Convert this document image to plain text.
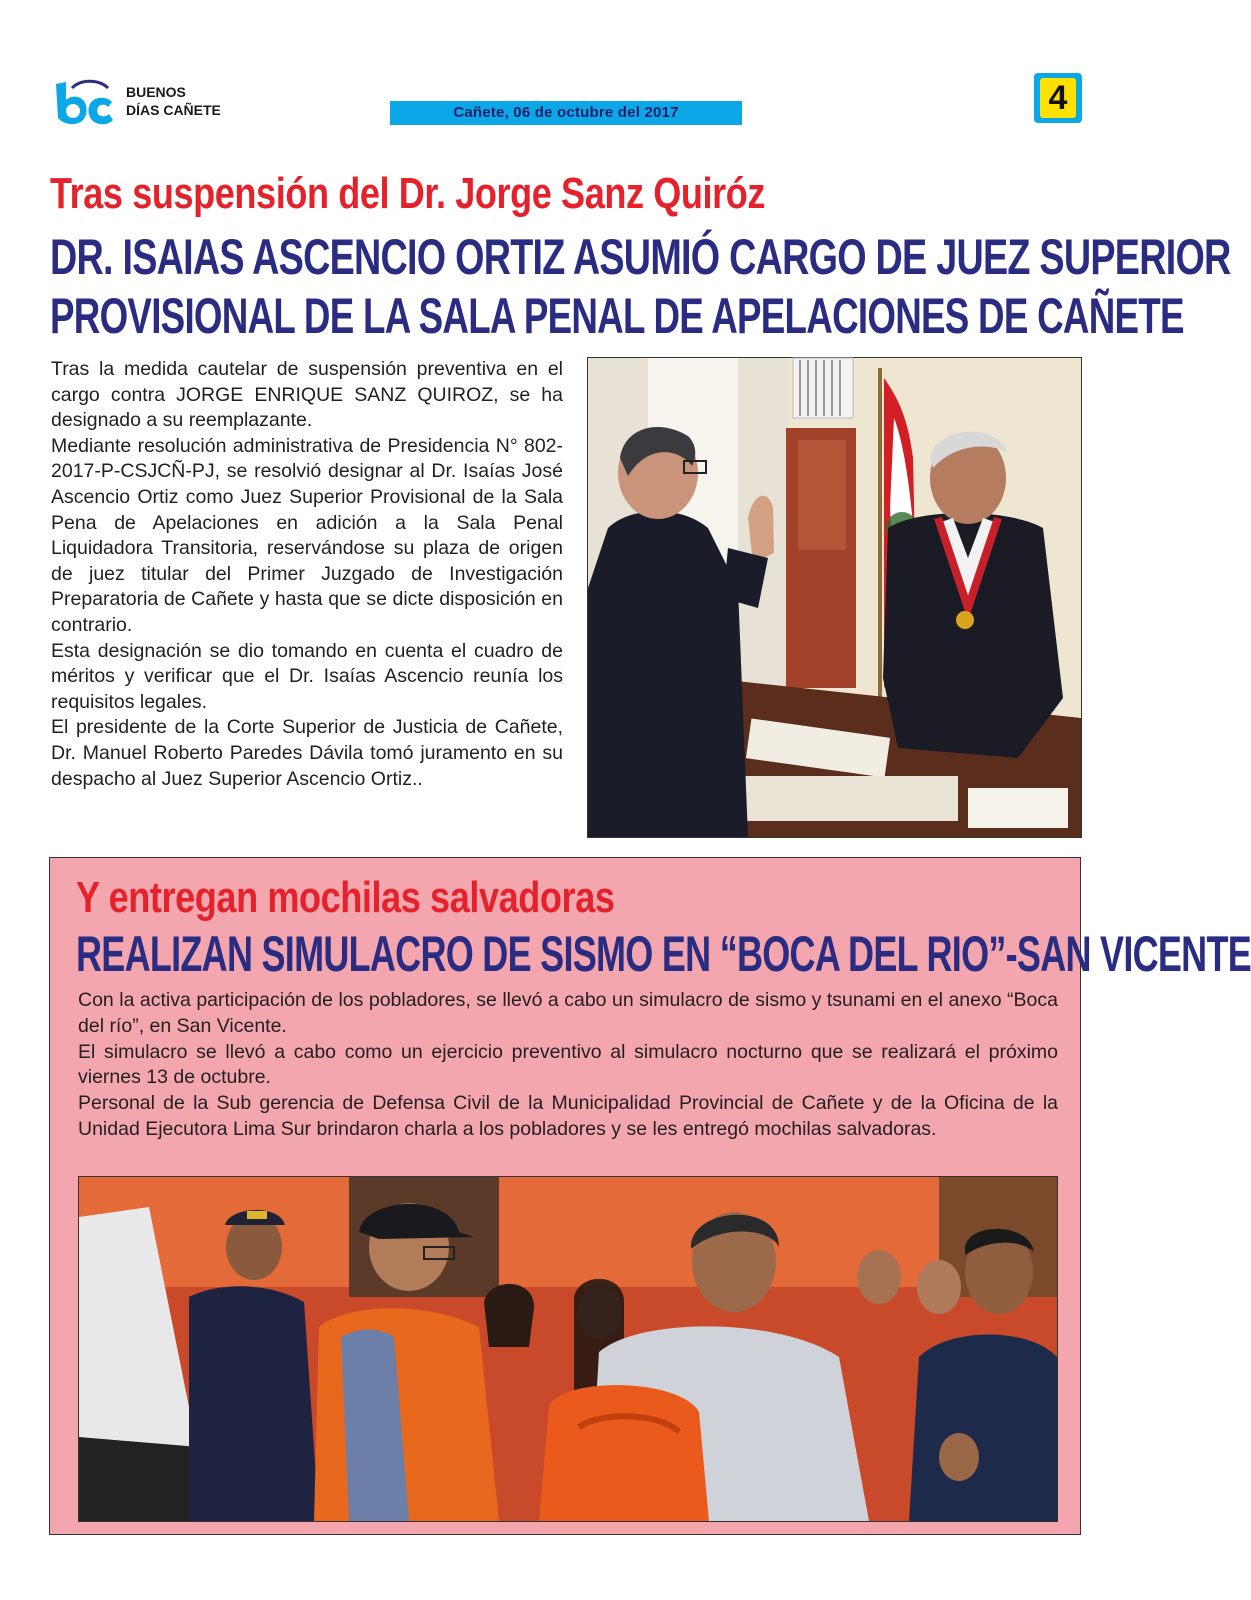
BUENOS
DÍAS CAÑETE	Cañete, 06 de octubre del 2017	4
Tras suspensión del Dr. Jorge Sanz Quiróz
DR. ISAIAS ASCENCIO ORTIZ ASUMIÓ CARGO DE JUEZ SUPERIOR
PROVISIONAL DE LA SALA PENAL DE APELACIONES DE CAÑETE

Tras la medida cautelar de suspensión preventiva en el cargo contra JORGE ENRIQUE SANZ QUIROZ, se ha designado a su reemplazante.

Mediante resolución administrativa de Presidencia N° 802-2017-P-CSJCÑ-PJ, se resolvió designar al Dr. Isaías José Ascencio Ortiz como Juez Superior Provisional de la Sala Pena de Apelaciones en adición a la Sala Penal Liquidadora Transitoria, reservándose su plaza de origen de juez titular del Primer Juzgado de Investigación Preparatoria de Cañete y hasta que se dicte disposición en contrario.

Esta designación se dio tomando en cuenta el cuadro de méritos y verificar que el Dr. Isaías Ascencio reunía los requisitos legales.

El presidente de la Corte Superior de Justicia de Cañete, Dr. Manuel Roberto Paredes Dávila tomó juramento en su despacho al Juez Superior Ascencio Ortiz..

Y entregan mochilas salvadoras
REALIZAN SIMULACRO DE SISMO EN “BOCA DEL RIO”-SAN VICENTE

Con la activa participación de los pobladores, se llevó a cabo un simulacro de sismo y tsunami en el anexo “Boca del río”, en San Vicente.

El simulacro se llevó a cabo como un ejercicio preventivo al simulacro nocturno que se realizará el próximo viernes 13 de octubre.

Personal de la Sub gerencia de Defensa Civil de la Municipalidad Provincial de Cañete y de la Oficina de la Unidad Ejecutora Lima Sur brindaron charla a los pobladores y se les entregó mochilas salvadoras.
